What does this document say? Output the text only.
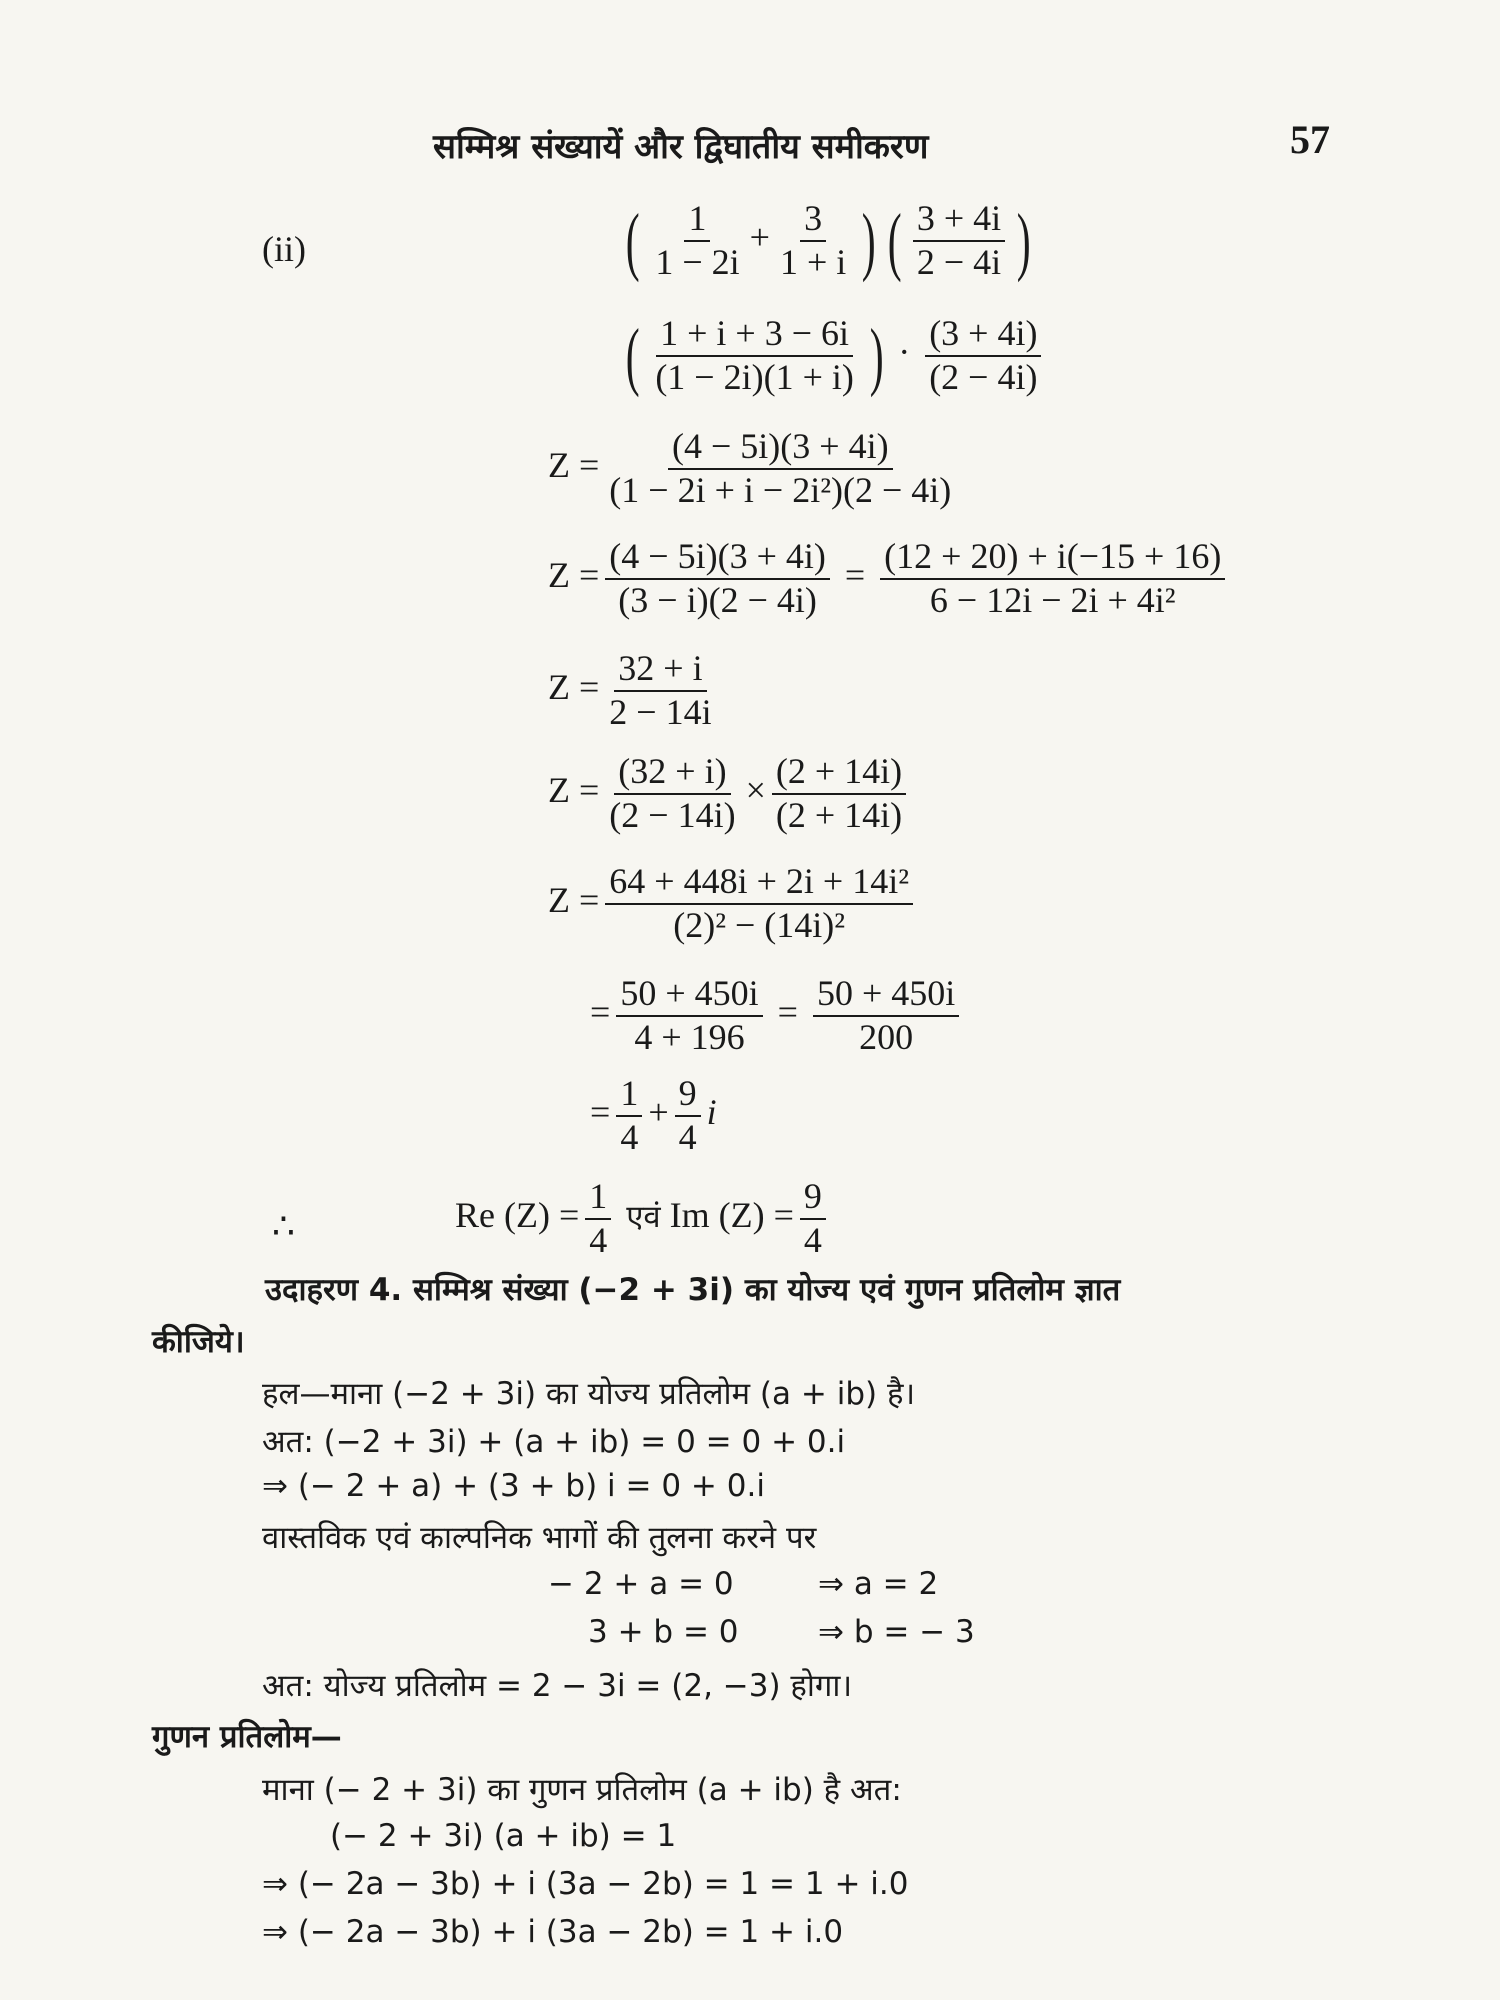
सम्मिश्र संख्यायें और द्विघातीय समीकरण	57
(ii)	( $\frac{1}{1 - 2i} + \frac{3}{1 + i}$ ) ( $\frac{3 + 4i}{2 - 4i}$ )
( $\frac{1 + i + 3 - 6i}{(1 - 2i)(1 + i)}$ ) · $\frac{(3 + 4i)}{(2 - 4i)}$
$Z = \frac{(4 - 5i)(3 + 4i)}{\text{(1 − 2i + i − 2i²)(2 − 4i)}}$
$Z = \frac{(4 - 5i)(3 + 4i)}{(3 - i)(2 - 4i)} = \frac{(12 + 20) + i(-15 + 16)}{\text{6 − 12i − 2i + 4i²}}$
$Z = \frac{32 + i}{2 - 14i}$
$Z = \frac{(32 + i)}{(2 - 14i)} \times \frac{(2 + 14i)}{(2 + 14i)}$
$Z = \frac{\text{64 + 448i + 2i + 14i²}}{\text{(2)² − (14i)²}}$
= $\frac{50 + 450i}{4 + 196} = \frac{50 + 450i}{200}$
= $\frac{1}{4} + \frac{9}{4}$ i
∴	Re $(Z) = \frac{1}{4}$ एवं Im $(Z) = \frac{9}{4}$
उदाहरण 4. सम्मिश्र संख्या (−2 + 3i) का योज्य एवं गुणन प्रतिलोम ज्ञात
कीजिये।
हल—माना (−2 + 3i) का योज्य प्रतिलोम (a + ib) है।
अत: (−2 + 3i) + (a + ib) = 0 = 0 + 0.i
⇒ (− 2 + a) + (3 + b) i = 0 + 0.i
वास्तविक एवं काल्पनिक भागों की तुलना करने पर
− 2 + a = 0	⇒ a = 2
3 + b = 0	⇒ b = − 3
अत: योज्य प्रतिलोम = 2 − 3i = (2, −3) होगा।
गुणन प्रतिलोम—
माना (− 2 + 3i) का गुणन प्रतिलोम (a + ib) है अत:
(− 2 + 3i) (a + ib) = 1
⇒ (− 2a − 3b) + i (3a − 2b) = 1 = 1 + i.0
⇒ (− 2a − 3b) + i (3a − 2b) = 1 + i.0
